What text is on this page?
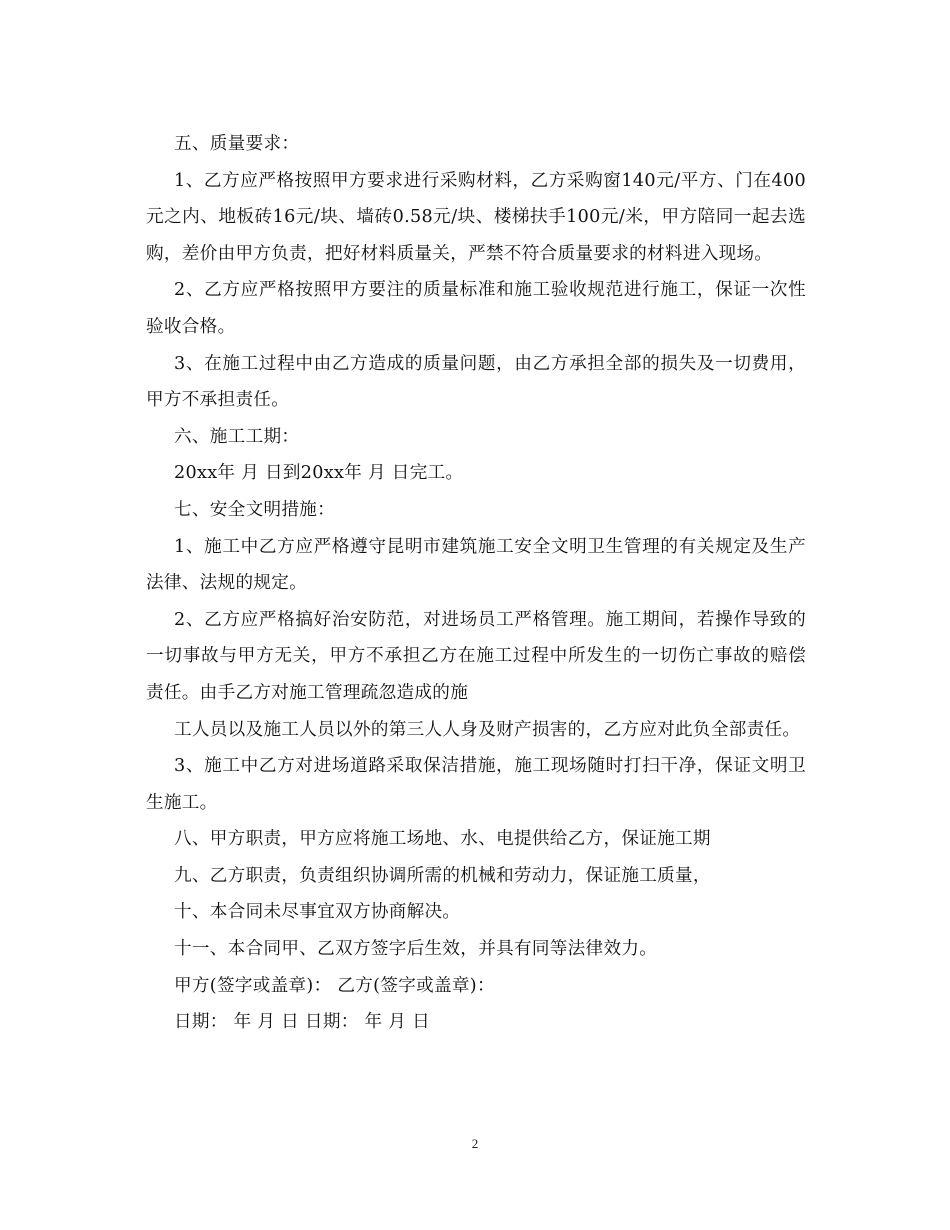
五、质量要求：

1、乙方应严格按照甲方要求进行采购材料，乙方采购窗140元/平方、门在400元之内、地板砖16元/块、墙砖0.58元/块、楼梯扶手100元/米，甲方陪同一起去选购，差价由甲方负责，把好材料质量关，严禁不符合质量要求的材料进入现场。

2、乙方应严格按照甲方要注的质量标准和施工验收规范进行施工，保证一次性验收合格。

3、在施工过程中由乙方造成的质量问题，由乙方承担全部的损失及一切费用，甲方不承担责任。

六、施工工期：

20xx年 月 日到20xx年 月 日完工。

七、安全文明措施：

1、施工中乙方应严格遵守昆明市建筑施工安全文明卫生管理的有关规定及生产法律、法规的规定。

2、乙方应严格搞好治安防范，对进场员工严格管理。施工期间，若操作导致的一切事故与甲方无关，甲方不承担乙方在施工过程中所发生的一切伤亡事故的赔偿责任。由手乙方对施工管理疏忽造成的施

工人员以及施工人员以外的第三人人身及财产损害的，乙方应对此负全部责任。

3、施工中乙方对进场道路采取保洁措施，施工现场随时打扫干净，保证文明卫生施工。

八、甲方职责，甲方应将施工场地、水、电提供给乙方，保证施工期

九、乙方职责，负责组织协调所需的机械和劳动力，保证施工质量，

十、本合同未尽事宜双方协商解决。

十一、本合同甲、乙双方签字后生效，并具有同等法律效力。

甲方(签字或盖章)： 乙方(签字或盖章)：

日期： 年 月 日 日期： 年 月 日

2
